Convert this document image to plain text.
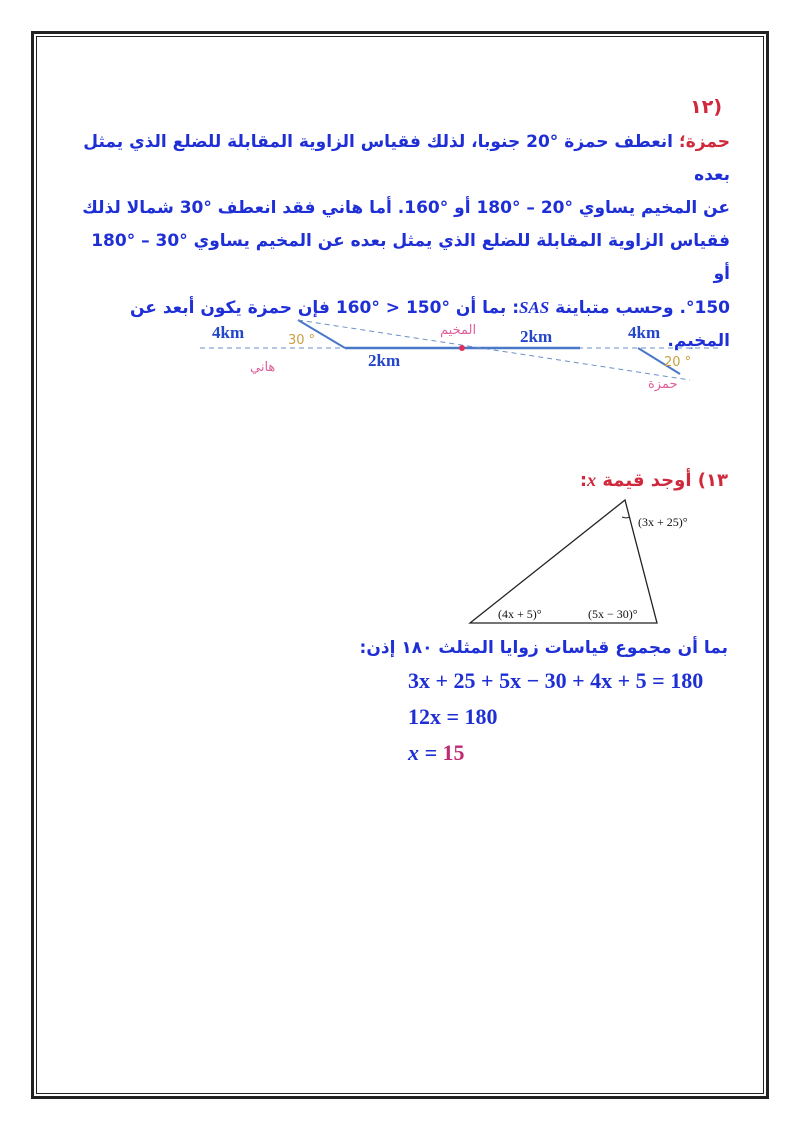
(١٢
حمزة؛ انعطف حمزة °20 جنوبا، لذلك فقياس الزاوية المقابلة للضلع الذي يمثل بعده
عن المخيم يساوي °20 – °180 أو °160. أما هاني فقد انعطف °30 شمالا لذلك
فقياس الزاوية المقابلة للضلع الذي يمثل بعده عن المخيم يساوي °30 – °180 أو
°150. وحسب متباينة SAS: بما أن °150 < °160 فإن حمزة يكون أبعد عن
المخيم.
4km	30 °
هاني	2km
المخيم	2km	4km
20 °
حمزة
١٣) أوجد قيمة x:
(3x + 25)°
(4x + 5)°	(5x − 30)°
بما أن مجموع قياسات زوايا المثلث ١٨٠ إذن:
3x + 25 + 5x − 30 + 4x + 5 = 180
12x = 180
x = 15
